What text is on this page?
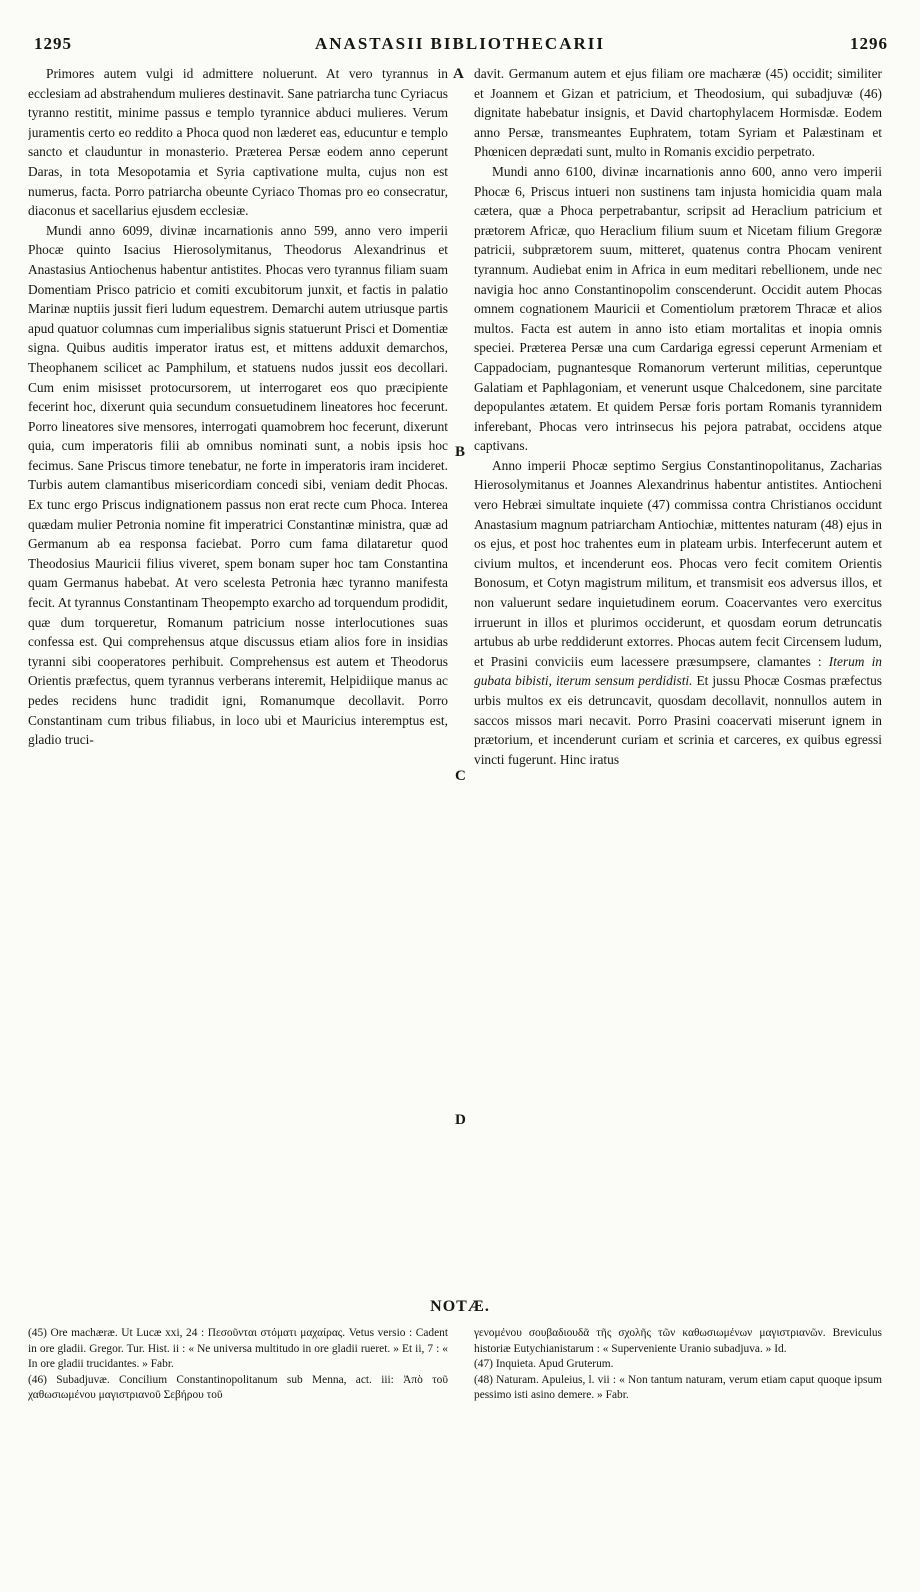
1295	ANASTASII BIBLIOTHECARII	1296

Primores autem vulgi id admittere noluerunt. At vero tyrannus in ecclesiam ad abstrahendum mulieres destinavit. Sane patriarcha tunc Cyriacus tyranno restitit, minime passus e templo tyrannice abduci mulieres. Verum juramentis certo eo reddito a Phoca quod non læderet eas, educuntur e templo sancto et clauduntur in monasterio. Præterea Persæ eodem anno ceperunt Daras, in tota Mesopotamia et Syria captivatione multa, cujus non est numerus, facta. Porro patriarcha obeunte Cyriaco Thomas pro eo consecratur, diaconus et sacellarius ejusdem ecclesiæ.

Mundi anno 6099, divinæ incarnationis anno 599, anno vero imperii Phocæ quinto Isacius Hierosolymitanus, Theodorus Alexandrinus et Anastasius Antiochenus habentur antistites. Phocas vero tyrannus filiam suam Domentiam Prisco patricio et comiti excubitorum junxit, et factis in palatio Marinæ nuptiis jussit fieri ludum equestrem. Demarchi autem utriusque partis apud quatuor columnas cum imperialibus signis statuerunt Prisci et Domentiæ signa. Quibus auditis imperator iratus est, et mittens adduxit demarchos, Theophanem scilicet ac Pamphilum, et statuens nudos jussit eos decollari. Cum enim misisset protocursorem, ut interrogaret eos quo præcipiente fecerint hoc, dixerunt quia secundum consuetudinem lineatores hoc fecerunt. Porro lineatores sive mensores, interrogati quamobrem hoc fecerunt, dixerunt quia, cum imperatoris filii ab omnibus nominati sunt, a nobis ipsis hoc fecimus. Sane Priscus timore tenebatur, ne forte in imperatoris iram incideret. Turbis autem clamantibus misericordiam concedi sibi, veniam dedit Phocas. Ex tunc ergo Priscus indignationem passus non erat recte cum Phoca. Interea quædam mulier Petronia nomine fit imperatrici Constantinæ ministra, quæ ad Germanum ab ea responsa faciebat. Porro cum fama dilataretur quod Theodosius Mauricii filius viveret, spem bonam super hoc tam Constantina quam Germanus habebat. At vero scelesta Petronia hæc tyranno manifesta fecit. At tyrannus Constantinam Theopempto exarcho ad torquendum prodidit, quæ dum torqueretur, Romanum patricium nosse interlocutiones suas confessa est. Qui comprehensus atque discussus etiam alios fore in insidias tyranni sibi cooperatores perhibuit. Comprehensus est autem et Theodorus Orientis præfectus, quem tyrannus verberans interemit, Helpidiique manus ac pedes recidens hunc tradidit igni, Romanumque decollavit. Porro Constantinam cum tribus filiabus, in loco ubi et Mauricius interemptus est, gladio truci-

A
B
C
D

davit. Germanum autem et ejus filiam ore machæræ (45) occidit; similiter et Joannem et Gizan et patricium, et Theodosium, qui subadjuvæ (46) dignitate habebatur insignis, et David chartophylacem Hormisdæ. Eodem anno Persæ, transmeantes Euphratem, totam Syriam et Palæstinam et Phœnicen deprædati sunt, multo in Romanis excidio perpetrato.

Mundi anno 6100, divinæ incarnationis anno 600, anno vero imperii Phocæ 6, Priscus intueri non sustinens tam injusta homicidia quam mala cætera, quæ a Phoca perpetrabantur, scripsit ad Heraclium patricium et prætorem Africæ, quo Heraclium filium suum et Nicetam filium Gregoræ patricii, subprætorem suum, mitteret, quatenus contra Phocam venirent tyrannum. Audiebat enim in Africa in eum meditari rebellionem, unde nec navigia hoc anno Constantinopolim conscenderunt. Occidit autem Phocas omnem cognationem Mauricii et Comentiolum prætorem Thracæ et alios multos. Facta est autem in anno isto etiam mortalitas et inopia omnis speciei. Præterea Persæ una cum Cardariga egressi ceperunt Armeniam et Cappadociam, pugnantesque Romanorum verterunt militias, ceperuntque Galatiam et Paphlagoniam, et venerunt usque Chalcedonem, sine parcitate depopulantes ætatem. Et quidem Persæ foris portam Romanis tyrannidem inferebant, Phocas vero intrinsecus his pejora patrabat, occidens atque captivans.

Anno imperii Phocæ septimo Sergius Constantinopolitanus, Zacharias Hierosolymitanus et Joannes Alexandrinus habentur antistites. Antiocheni vero Hebræi simultate inquiete (47) commissa contra Christianos occidunt Anastasium magnum patriarcham Antiochiæ, mittentes naturam (48) ejus in os ejus, et post hoc trahentes eum in plateam urbis. Interfecerunt autem et civium multos, et incenderunt eos. Phocas vero fecit comitem Orientis Bonosum, et Cotyn magistrum militum, et transmisit eos adversus illos, et non valuerunt sedare inquietudinem eorum. Coacervantes vero exercitus irruerunt in illos et plurimos occiderunt, et quosdam eorum detruncatis artubus ab urbe reddiderunt extorres. Phocas autem fecit Circensem ludum, et Prasini conviciis eum lacessere præsumpsere, clamantes : Iterum in gubata bibisti, iterum sensum perdidisti. Et jussu Phocæ Cosmas præfectus urbis multos ex eis detruncavit, quosdam decollavit, nonnullos autem in saccos missos mari necavit. Porro Prasini coacervati miserunt ignem in prætorium, et incenderunt curiam et scrinia et carceres, ex quibus egressi vincti fugerunt. Hinc iratus

NOTÆ.

(45) Ore machæræ. Ut Lucæ xxi, 24 : Πεσοῦνται στόματι μαχαίρας. Vetus versio : Cadent in ore gladii. Gregor. Tur. Hist. ii : « Ne universa multitudo in ore gladii rueret. » Et ii, 7 : « In ore gladii trucidantes. » Fabr.

(46) Subadjuvæ. Concilium Constantinopolitanum sub Menna, act. iii: Ἀπὸ τοῦ χαθωσιωμένου μαγιστριανοῦ Σεβήρου τοῦ

γενομένου σουβαδιουδᾶ τῆς σχολῆς τῶν καθωσιωμένων μαγιστριανῶν. Breviculus historiæ Eutychianistarum : « Superveniente Uranio subadjuva. » Id.

(47) Inquieta. Apud Gruterum.

(48) Naturam. Apuleius, l. vii : « Non tantum naturam, verum etiam caput quoque ipsum pessimo isti asino demere. » Fabr.
